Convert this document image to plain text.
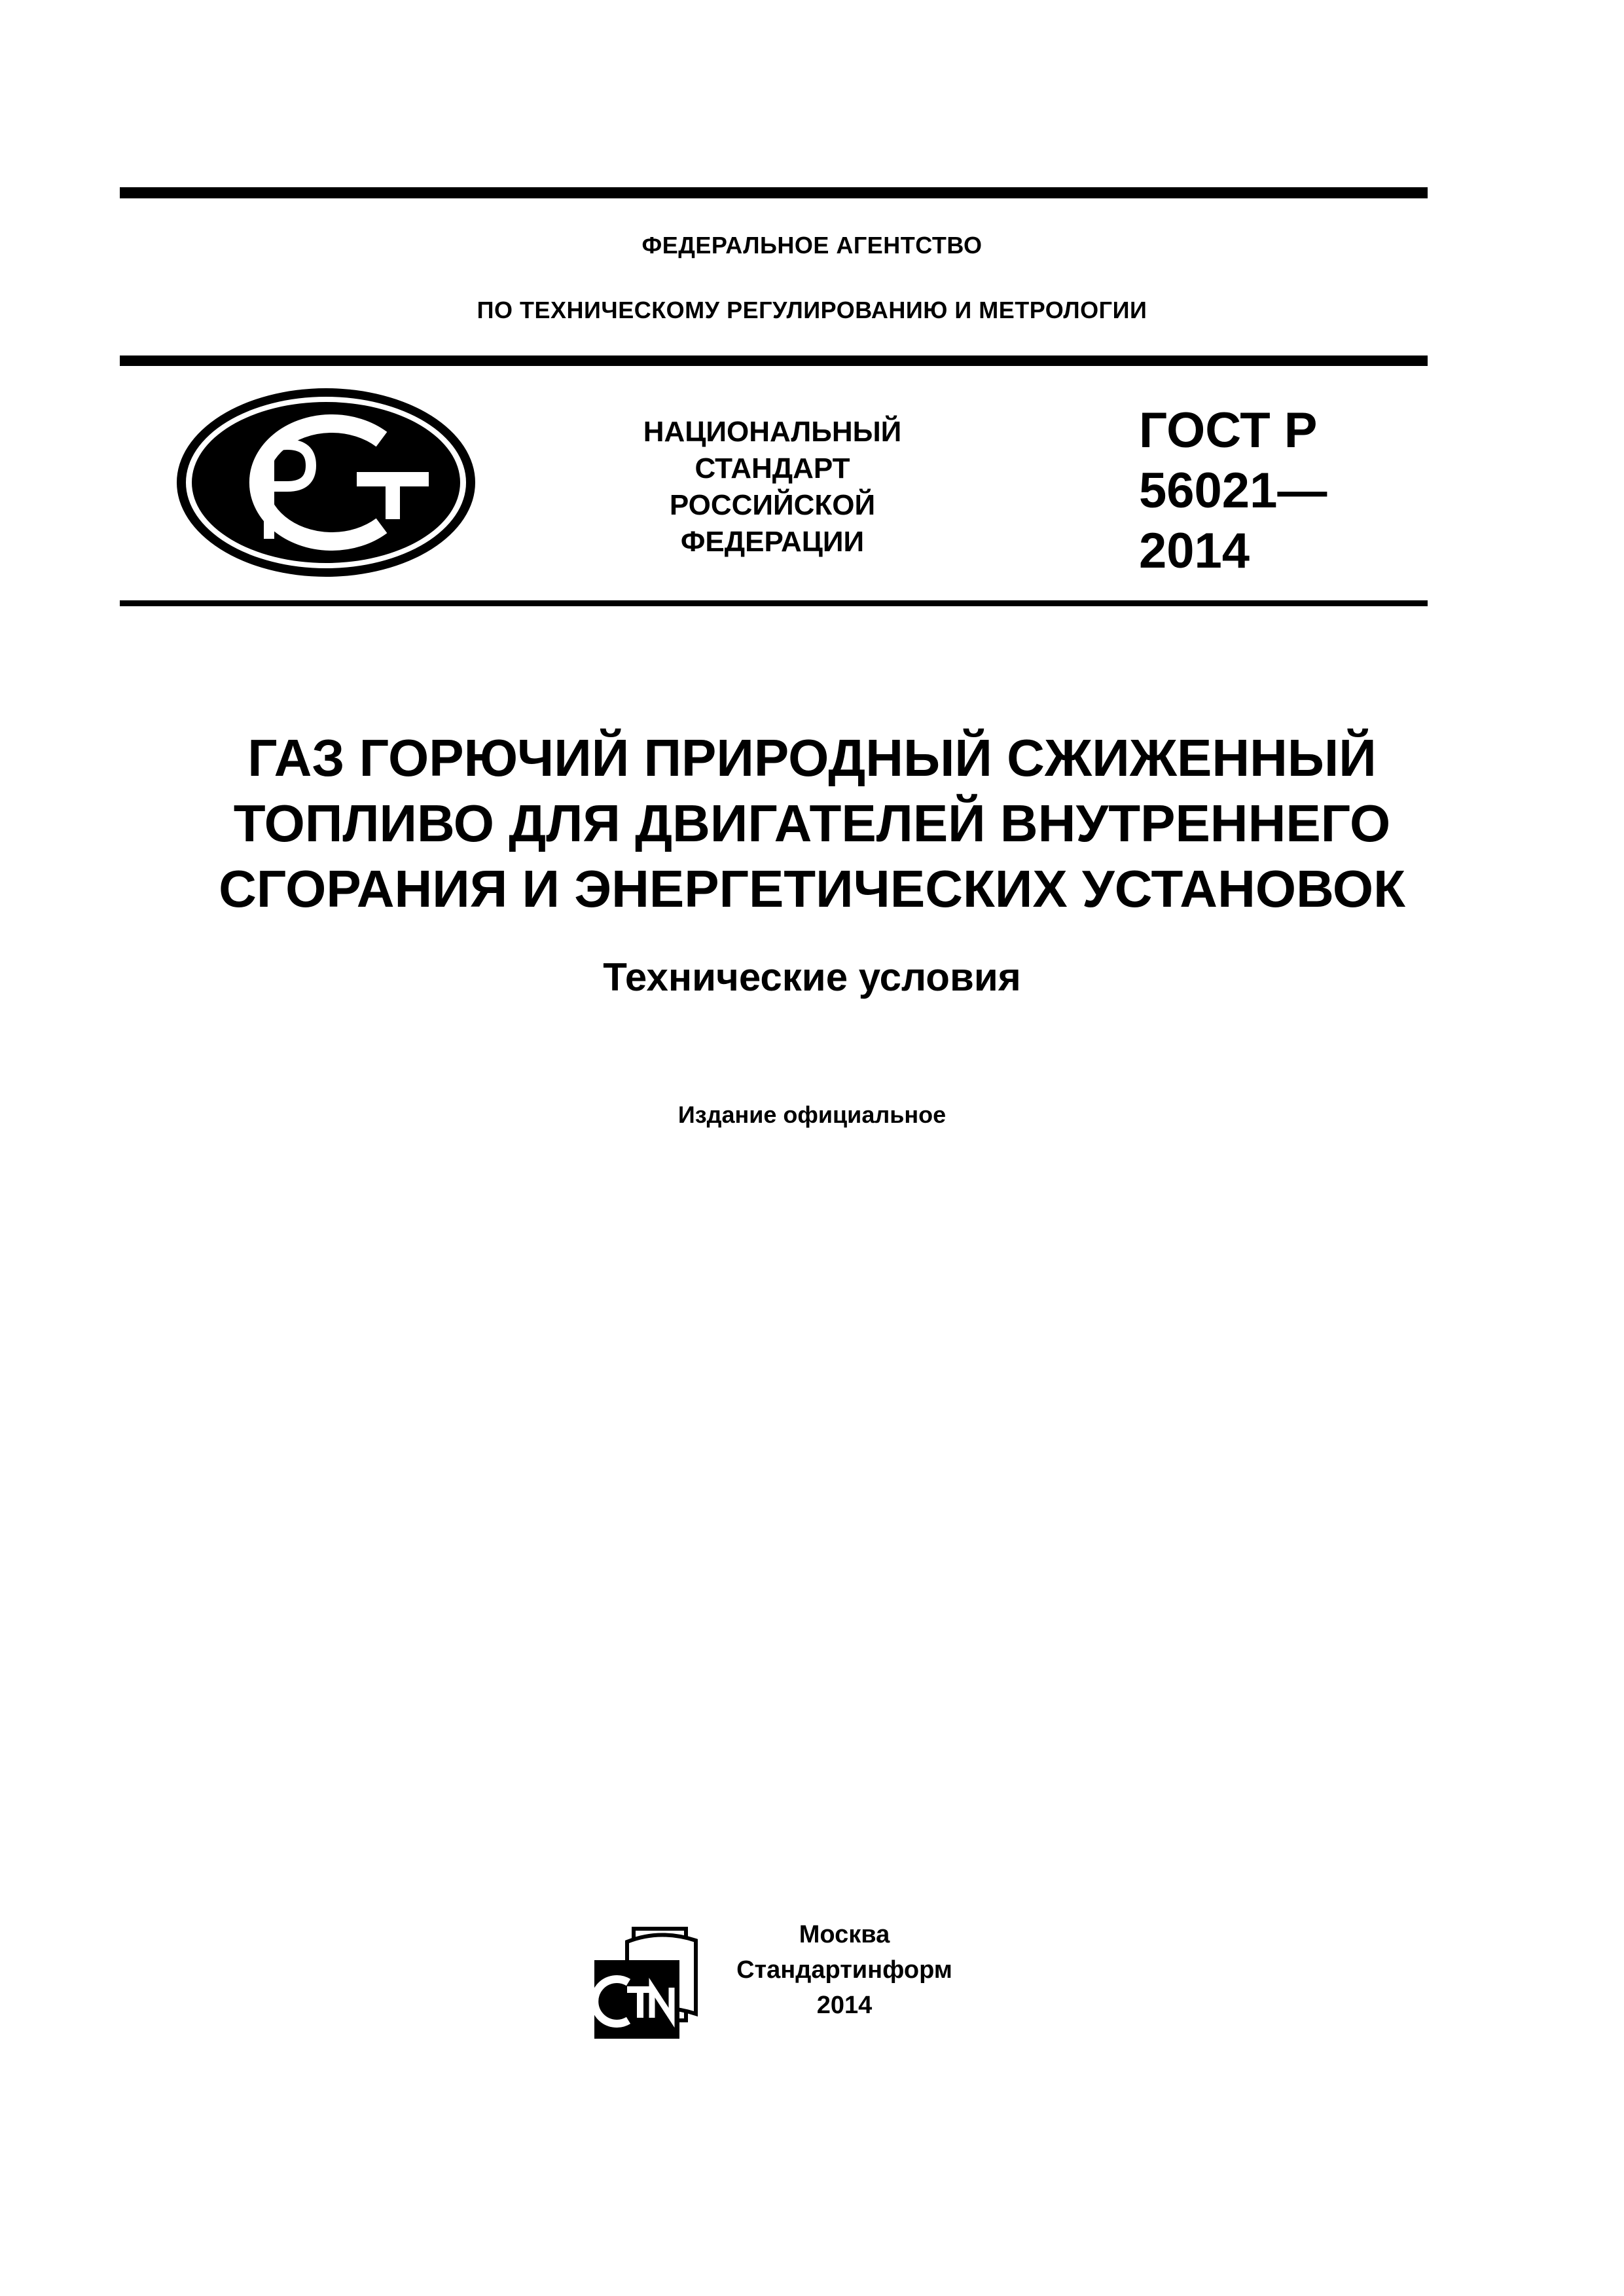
ФЕДЕРАЛЬНОЕ АГЕНТСТВО
ПО ТЕХНИЧЕСКОМУ РЕГУЛИРОВАНИЮ И МЕТРОЛОГИИ
НАЦИОНАЛЬНЫЙ
СТАНДАРТ
РОССИЙСКОЙ
ФЕДЕРАЦИИ
ГОСТ Р
56021—
2014
ГАЗ ГОРЮЧИЙ ПРИРОДНЫЙ СЖИЖЕННЫЙ
ТОПЛИВО ДЛЯ ДВИГАТЕЛЕЙ ВНУТРЕННЕГО
СГОРАНИЯ И ЭНЕРГЕТИЧЕСКИХ УСТАНОВОК
Технические условия
Издание официальное
Москва
Стандартинформ
2014
